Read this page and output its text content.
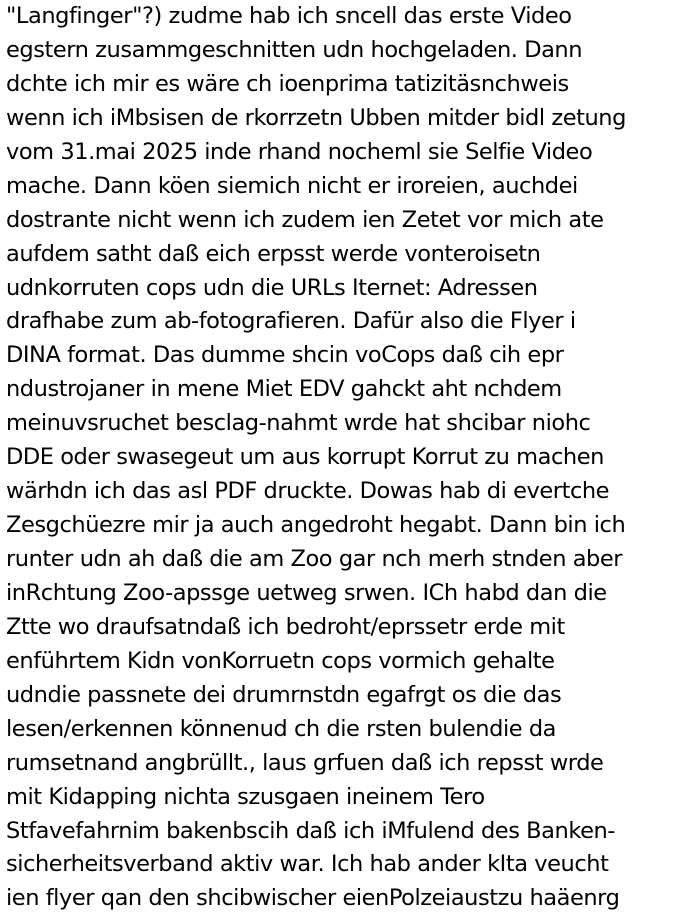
"Langfinger"?) zudme hab ich sncell das erste Video
egstern zusammgeschnitten udn hochgeladen. Dann
dchte ich mir es wäre ch ioenprima tatizitäsnchweis
wenn ich iMbsisen de rkorrzetn Ubben mitder bidl zetung
vom 31.mai 2025 inde rhand nocheml sie Selfie Video
mache. Dann köen siemich nicht er iroreien, auchdei
dostrante nicht wenn ich zudem ien Zetet vor mich ate
aufdem satht daß eich erpsst werde vonteroisetn
udnkorruten cops udn die URLs Iternet: Adressen
drafhabe zum ab-fotografieren. Dafür also die Flyer i
DINA format. Das dumme shcin voCops daß cih epr
ndustrojaner in mene Miet EDV gahckt aht nchdem
meinuvsruchet besclag-nahmt wrde hat shcibar niohc
DDE oder swasegeut um aus korrupt Korrut zu machen
wärhdn ich das asl PDF druckte. Dowas hab di evertche
Zesgchüezre mir ja auch angedroht hegabt. Dann bin ich
runter udn ah daß die am Zoo gar nch merh stnden aber
inRchtung Zoo-apssge uetweg srwen. ICh habd dan die
Ztte wo draufsatndaß ich bedroht/eprssetr erde mit
enführtem Kidn vonKorruetn cops vormich gehalte
udndie passnete dei drumrnstdn egafrgt os die das
lesen/erkennen könnenud ch die rsten bulendie da
rumsetnand angbrüllt., laus grfuen daß ich repsst wrde
mit Kidapping nichta szusgaen ineinem Tero
Stfavefahrnim bakenbscih daß ich iMfulend des Banken-
sicherheitsverband aktiv war. Ich hab ander kIta veucht
ien flyer qan den shcibwischer eienPolzeiaustzu haäenrg
